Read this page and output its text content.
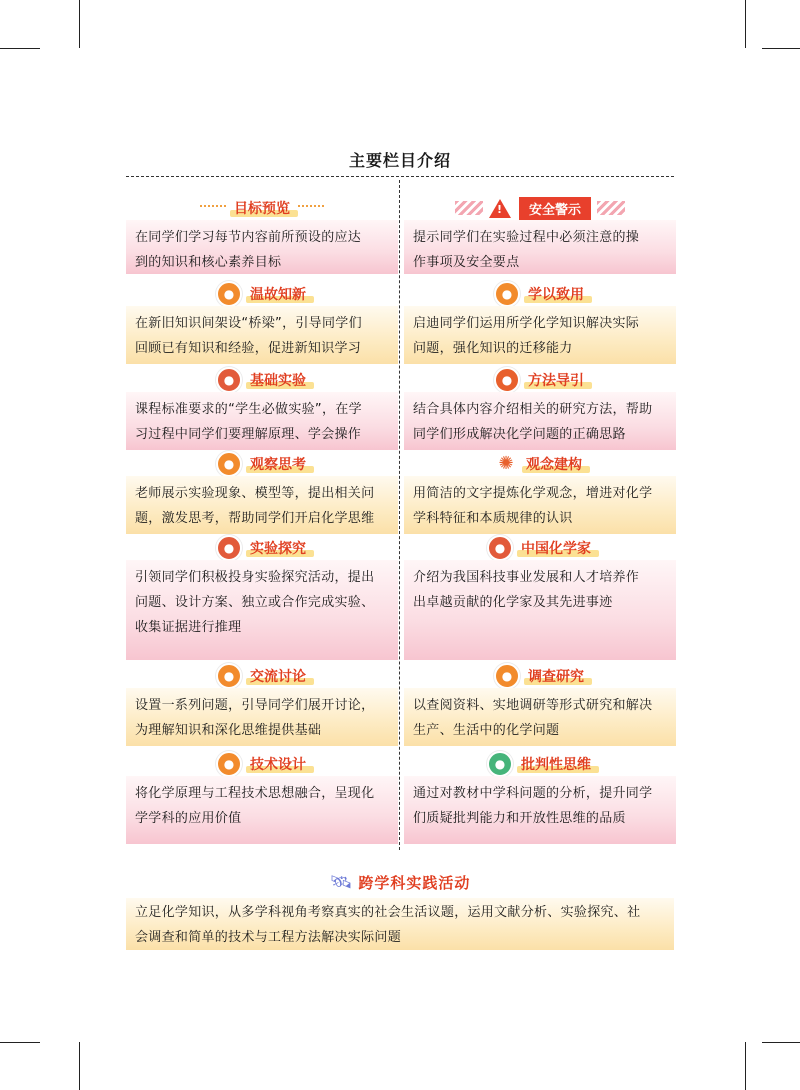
主要栏目介绍
目标预览
在同学们学习每节内容前所预设的应达
到的知识和核心素养目标
●	温故知新
在新旧知识间架设“桥梁”，引导同学们
回顾已有知识和经验，促进新知识学习
●	基础实验
课程标准要求的“学生必做实验”，在学
习过程中同学们要理解原理、学会操作
●	观察思考
老师展示实验现象、模型等，提出相关问
题，激发思考，帮助同学们开启化学思维
●	实验探究
引领同学们积极投身实验探究活动，提出
问题、设计方案、独立或合作完成实验、
收集证据进行推理
●	交流讨论
设置一系列问题，引导同学们展开讨论，
为理解知识和深化思维提供基础
●	技术设计
将化学原理与工程技术思想融合，呈现化
学学科的应用价值
!	安全警示
提示同学们在实验过程中必须注意的操
作事项及安全要点
●	学以致用
启迪同学们运用所学化学知识解决实际
问题，强化知识的迁移能力
●	方法导引
结合具体内容介绍相关的研究方法，帮助
同学们形成解决化学问题的正确思路
✺ 观念建构
用简洁的文字提炼化学观念，增进对化学
学科特征和本质规律的认识
●	中国化学家
介绍为我国科技事业发展和人才培养作
出卓越贡献的化学家及其先进事迹
●	调查研究
以查阅资料、实地调研等形式研究和解决
生产、生活中的化学问题
●	批判性思维
通过对教材中学科问题的分析，提升同学
们质疑批判能力和开放性思维的品质
🛰 跨学科实践活动
立足化学知识，从多学科视角考察真实的社会生活议题，运用文献分析、实验探究、社
会调查和简单的技术与工程方法解决实际问题
